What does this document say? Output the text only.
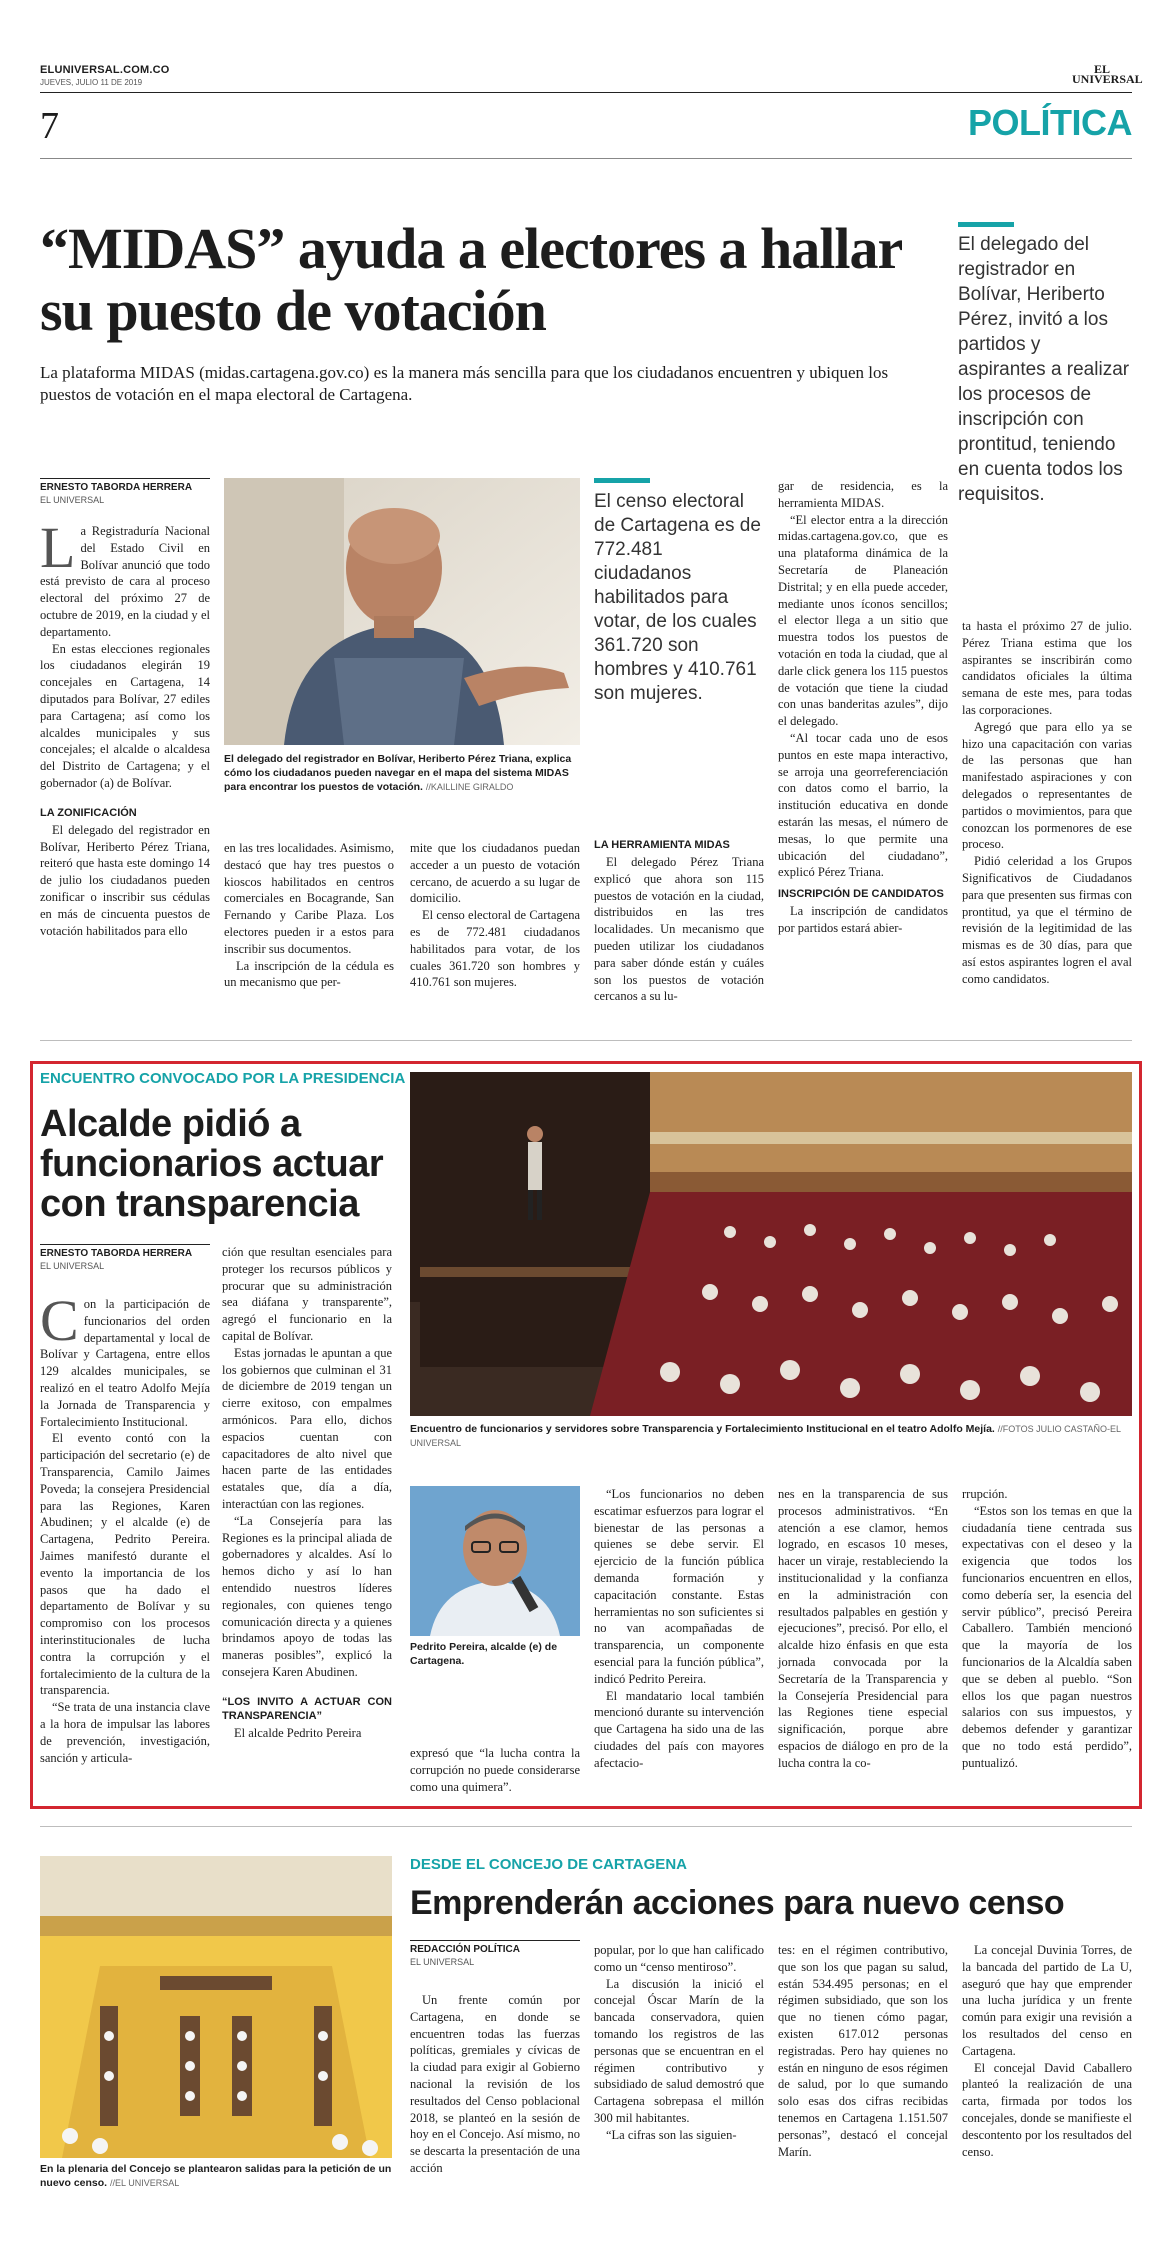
ELUNIVERSAL.COM.CO
JUEVES, JULIO 11 DE 2019
EL
UNIVERSAL
7	POLÍTICA
“MIDAS” ayuda a electores a hallar su puesto de votación
La plataforma MIDAS (midas.cartagena.gov.co) es la manera más sencilla para que los ciudadanos encuentren y ubiquen los puestos de votación en el mapa electoral de Cartagena.
El delegado del registrador en Bolívar, Heriberto Pérez, invitó a los partidos y aspirantes a realizar los procesos de inscripción con prontitud, teniendo en cuenta todos los requisitos.
ERNESTO TABORDA HERRERA
EL UNIVERSAL
L a Registraduría Nacional del Estado Civil en Bolívar anunció que todo está previsto de cara al proceso electoral del próximo 27 de octubre de 2019, en la ciudad y el departamento.

En estas elecciones regionales los ciudadanos elegirán 19 concejales en Cartagena, 14 diputados para Bolívar, 27 ediles para Cartagena; así como los alcaldes municipales y sus concejales; el alcalde o alcaldesa del Distrito de Cartagena; y el gobernador (a) de Bolívar.

LA ZONIFICACIÓN

El delegado del registrador en Bolívar, Heriberto Pérez Triana, reiteró que hasta este domingo 14 de julio los ciudadanos pueden zonificar o inscribir sus cédulas en más de cincuenta puestos de votación habilitados para ello

El delegado del registrador en Bolívar, Heriberto Pérez Triana, explica cómo los ciudadanos pueden navegar en el mapa del sistema MIDAS para encontrar los puestos de votación. //KAILLINE GIRALDO

en las tres localidades. Asimismo, destacó que hay tres puestos o kioscos habilitados en centros comerciales en Bocagrande, San Fernando y Caribe Plaza. Los electores pueden ir a estos para inscribir sus documentos.

La inscripción de la cédula es un mecanismo que per-

mite que los ciudadanos puedan acceder a un puesto de votación cercano, de acuerdo a su lugar de domicilio.

El censo electoral de Cartagena es de 772.481 ciudadanos habilitados para votar, de los cuales 361.720 son hombres y 410.761 son mujeres.

El censo electoral de Cartagena es de 772.481 ciudadanos habilitados para votar, de los cuales 361.720 son hombres y 410.761 son mujeres.
LA HERRAMIENTA MIDAS

El delegado Pérez Triana explicó que ahora son 115 puestos de votación en la ciudad, distribuidos en las tres localidades. Un mecanismo que pueden utilizar los ciudadanos para saber dónde están y cuáles son los puestos de votación cercanos a su lu-

gar de residencia, es la herramienta MIDAS.

“El elector entra a la dirección midas.cartagena.gov.co, que es una plataforma dinámica de la Secretaría de Planeación Distrital; y en ella puede acceder, mediante unos íconos sencillos; el elector llega a un sitio que muestra todos los puestos de votación en toda la ciudad, que al darle click genera los 115 puestos de votación que tiene la ciudad con unas banderitas azules”, dijo el delegado.

“Al tocar cada uno de esos puntos en este mapa interactivo, se arroja una georreferenciación con datos como el barrio, la institución educativa en donde estarán las mesas, el número de mesas, lo que permite una ubicación del ciudadano”, explicó Pérez Triana.

INSCRIPCIÓN DE CANDIDATOS

La inscripción de candidatos por partidos estará abier-

ta hasta el próximo 27 de julio. Pérez Triana estima que los aspirantes se inscribirán como candidatos oficiales la última semana de este mes, para todas las corporaciones.

Agregó que para ello ya se hizo una capacitación con varias de las personas que han manifestado aspiraciones y con delegados o representantes de partidos o movimientos, para que conozcan los pormenores de ese proceso.

Pidió celeridad a los Grupos Significativos de Ciudadanos para que presenten sus firmas con prontitud, ya que el término de revisión de la legitimidad de las mismas es de 30 días, para que así estos aspirantes logren el aval como candidatos.

ENCUENTRO CONVOCADO POR LA PRESIDENCIA
Alcalde pidió a funcionarios actuar con transparencia
ERNESTO TABORDA HERRERA
EL UNIVERSAL
C on la participación de funcionarios del orden departamental y local de Bolívar y Cartagena, entre ellos 129 alcaldes municipales, se realizó en el teatro Adolfo Mejía la Jornada de Transparencia y Fortalecimiento Institucional.

El evento contó con la participación del secretario (e) de Transparencia, Camilo Jaimes Poveda; la consejera Presidencial para las Regiones, Karen Abudinen; y el alcalde (e) de Cartagena, Pedrito Pereira. Jaimes manifestó durante el evento la importancia de los pasos que ha dado el departamento de Bolívar y su compromiso con los procesos interinstitucionales de lucha contra la corrupción y el fortalecimiento de la cultura de la transparencia.

“Se trata de una instancia clave a la hora de impulsar las labores de prevención, investigación, sanción y articula-

ción que resultan esenciales para proteger los recursos públicos y procurar que su administración sea diáfana y transparente”, agregó el funcionario en la capital de Bolívar.

Estas jornadas le apuntan a que los gobiernos que culminan el 31 de diciembre de 2019 tengan un cierre exitoso, con empalmes armónicos. Para ello, dichos espacios cuentan con capacitadores de alto nivel que hacen parte de las entidades estatales que, día a día, interactúan con las regiones.

“La Consejería para las Regiones es la principal aliada de gobernadores y alcaldes. Así lo hemos dicho y así lo han entendido nuestros líderes regionales, con quienes tengo comunicación directa y a quienes brindamos apoyo de todas las maneras posibles”, explicó la consejera Karen Abudinen.

“LOS INVITO A ACTUAR CON TRANSPARENCIA”

El alcalde Pedrito Pereira

Encuentro de funcionarios y servidores sobre Transparencia y Fortalecimiento Institucional en el teatro Adolfo Mejía. //FOTOS JULIO CASTAÑO-EL UNIVERSAL
Pedrito Pereira, alcalde (e) de Cartagena.

expresó que “la lucha contra la corrupción no puede considerarse como una quimera”.

“Los funcionarios no deben escatimar esfuerzos para lograr el bienestar de las personas a quienes se debe servir. El ejercicio de la función pública demanda formación y capacitación constante. Estas herramientas no son suficientes si no van acompañadas de transparencia, un componente esencial para la función pública”, indicó Pedrito Pereira.

El mandatario local también mencionó durante su intervención que Cartagena ha sido una de las ciudades del país con mayores afectacio-

nes en la transparencia de sus procesos administrativos. “En atención a ese clamor, hemos logrado, en escasos 10 meses, hacer un viraje, restableciendo la institucionalidad y la confianza en la administración con resultados palpables en gestión y ejecuciones”, precisó. Por ello, el alcalde hizo énfasis en que esta jornada convocada por la Secretaría de la Transparencia y la Consejería Presidencial para las Regiones tiene especial significación, porque abre espacios de diálogo en pro de la lucha contra la co-

rrupción.

“Estos son los temas en que la ciudadanía tiene centrada sus expectativas con el deseo y la exigencia que todos los funcionarios encuentren en ellos, como debería ser, la esencia del servir público”, precisó Pereira Caballero. También mencionó que la mayoría de los funcionarios de la Alcaldía saben que se deben al pueblo. “Son ellos los que pagan nuestros salarios con sus impuestos, y debemos defender y garantizar que no todo está perdido”, puntualizó.

En la plenaria del Concejo se plantearon salidas para la petición de un nuevo censo. //EL UNIVERSAL
DESDE EL CONCEJO DE CARTAGENA
Emprenderán acciones para nuevo censo
REDACCIÓN POLÍTICA
EL UNIVERSAL

Un frente común por Cartagena, en donde se encuentren todas las fuerzas políticas, gremiales y cívicas de la ciudad para exigir al Gobierno nacional la revisión de los resultados del Censo poblacional 2018, se planteó en la sesión de hoy en el Concejo. Así mismo, no se descarta la presentación de una acción

popular, por lo que han calificado como un “censo mentiroso”.

La discusión la inició el concejal Óscar Marín de la bancada conservadora, quien tomando los registros de las personas que se encuentran en el régimen contributivo y subsidiado de salud demostró que Cartagena sobrepasa el millón 300 mil habitantes.

“La cifras son las siguien-

tes: en el régimen contributivo, que son los que pagan su salud, están 534.495 personas; en el régimen subsidiado, que son los que no tienen cómo pagar, existen 617.012 personas registradas. Pero hay quienes no están en ninguno de esos régimen de salud, por lo que sumando solo esas dos cifras recibidas tenemos en Cartagena 1.151.507 personas”, destacó el concejal Marín.

La concejal Duvinia Torres, de la bancada del partido de La U, aseguró que hay que emprender una lucha jurídica y un frente común para exigir una revisión a los resultados del censo en Cartagena.

El concejal David Caballero planteó la realización de una carta, firmada por todos los concejales, donde se manifieste el descontento por los resultados del censo.
